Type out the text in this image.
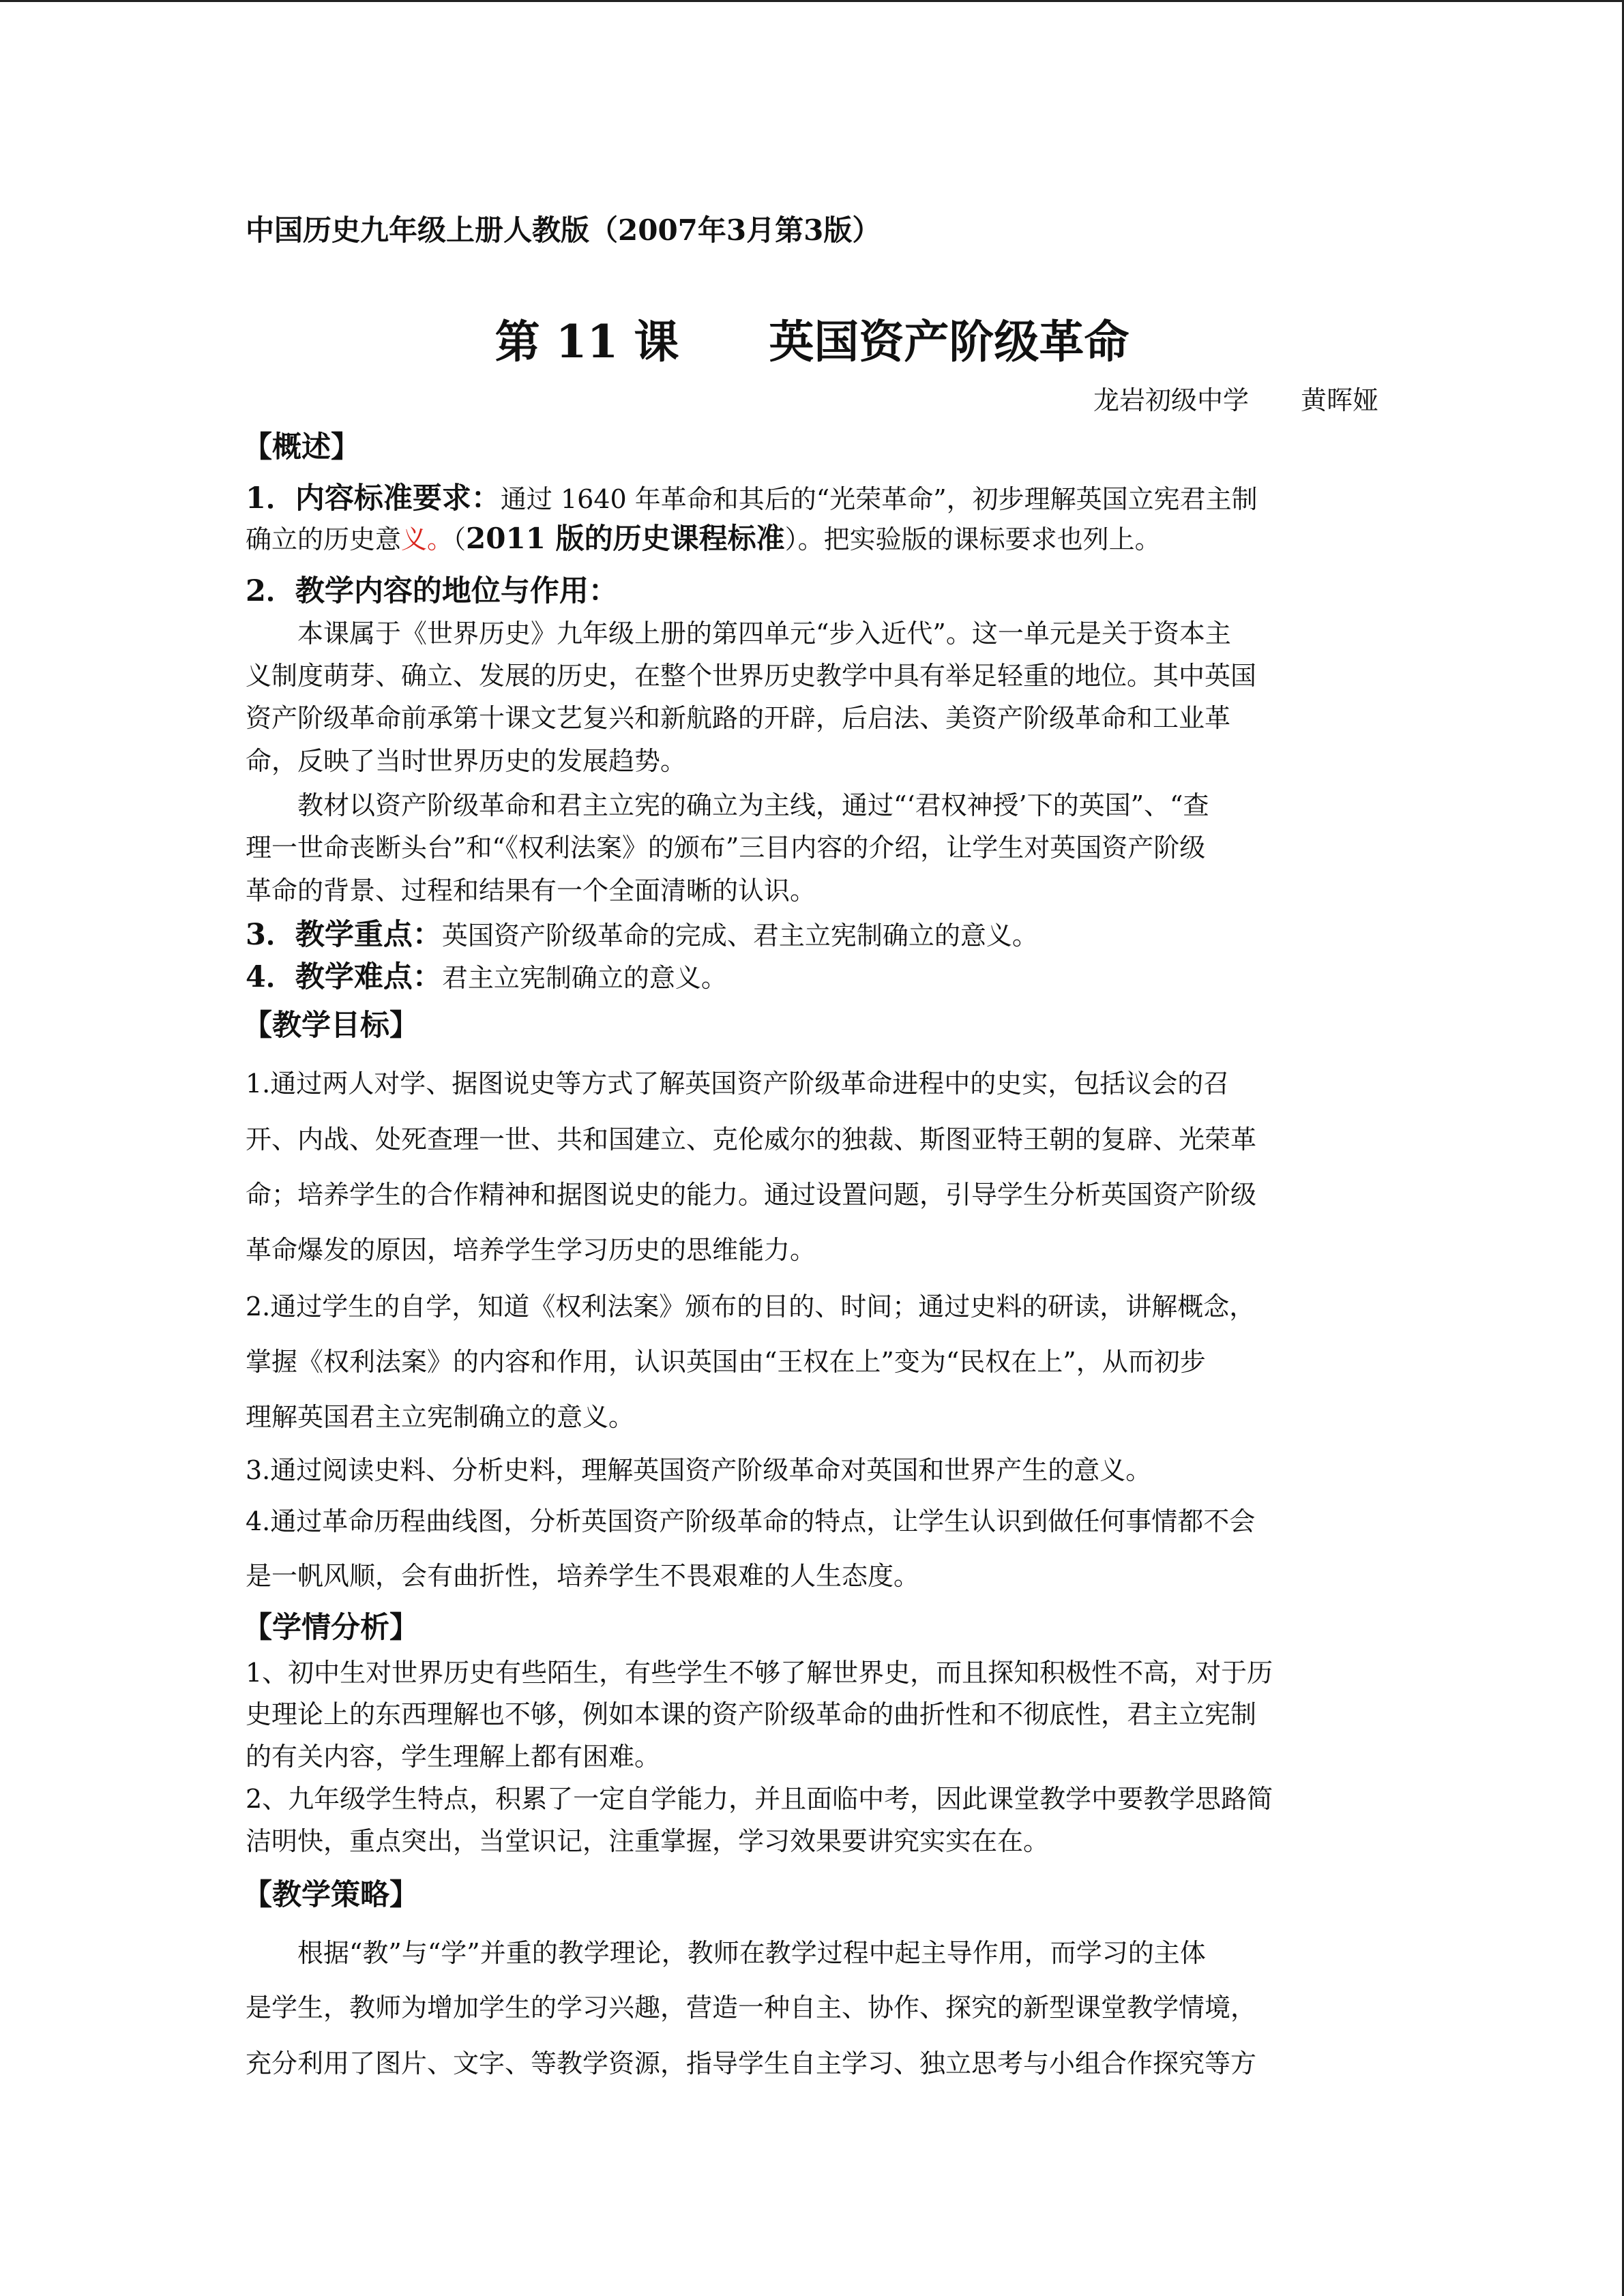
中国历史九年级上册人教版（2007年3月第3版）
第 11 课　　英国资产阶级革命
龙岩初级中学　　黄晖娅
【概述】
1．内容标准要求：通过 1640 年革命和其后的“光荣革命”，初步理解英国立宪君主制
确立的历史意义。（2011 版的历史课程标准）。把实验版的课标要求也列上。
2．教学内容的地位与作用：
　　本课属于《世界历史》九年级上册的第四单元“步入近代”。这一单元是关于资本主
义制度萌芽、确立、发展的历史，在整个世界历史教学中具有举足轻重的地位。其中英国
资产阶级革命前承第十课文艺复兴和新航路的开辟，后启法、美资产阶级革命和工业革
命，反映了当时世界历史的发展趋势。
　　教材以资产阶级革命和君主立宪的确立为主线，通过“‘君权神授’下的英国”、“查
理一世命丧断头台”和“《权利法案》的颁布”三目内容的介绍，让学生对英国资产阶级
革命的背景、过程和结果有一个全面清晰的认识。
3．教学重点：英国资产阶级革命的完成、君主立宪制确立的意义。
4．教学难点：君主立宪制确立的意义。
【教学目标】
1.通过两人对学、据图说史等方式了解英国资产阶级革命进程中的史实，包括议会的召
开、内战、处死查理一世、共和国建立、克伦威尔的独裁、斯图亚特王朝的复辟、光荣革
命；培养学生的合作精神和据图说史的能力。通过设置问题，引导学生分析英国资产阶级
革命爆发的原因，培养学生学习历史的思维能力。
2.通过学生的自学，知道《权利法案》颁布的目的、时间；通过史料的研读，讲解概念，
掌握《权利法案》的内容和作用，认识英国由“王权在上”变为“民权在上”，从而初步
理解英国君主立宪制确立的意义。
3.通过阅读史料、分析史料，理解英国资产阶级革命对英国和世界产生的意义。
4.通过革命历程曲线图，分析英国资产阶级革命的特点，让学生认识到做任何事情都不会
是一帆风顺，会有曲折性，培养学生不畏艰难的人生态度。
【学情分析】
1、初中生对世界历史有些陌生，有些学生不够了解世界史，而且探知积极性不高，对于历
史理论上的东西理解也不够，例如本课的资产阶级革命的曲折性和不彻底性，君主立宪制
的有关内容，学生理解上都有困难。
2、九年级学生特点，积累了一定自学能力，并且面临中考，因此课堂教学中要教学思路简
洁明快，重点突出，当堂识记，注重掌握，学习效果要讲究实实在在。
【教学策略】
　　根据“教”与“学”并重的教学理论，教师在教学过程中起主导作用，而学习的主体
是学生，教师为增加学生的学习兴趣，营造一种自主、协作、探究的新型课堂教学情境，
充分利用了图片、文字、等教学资源，指导学生自主学习、独立思考与小组合作探究等方
